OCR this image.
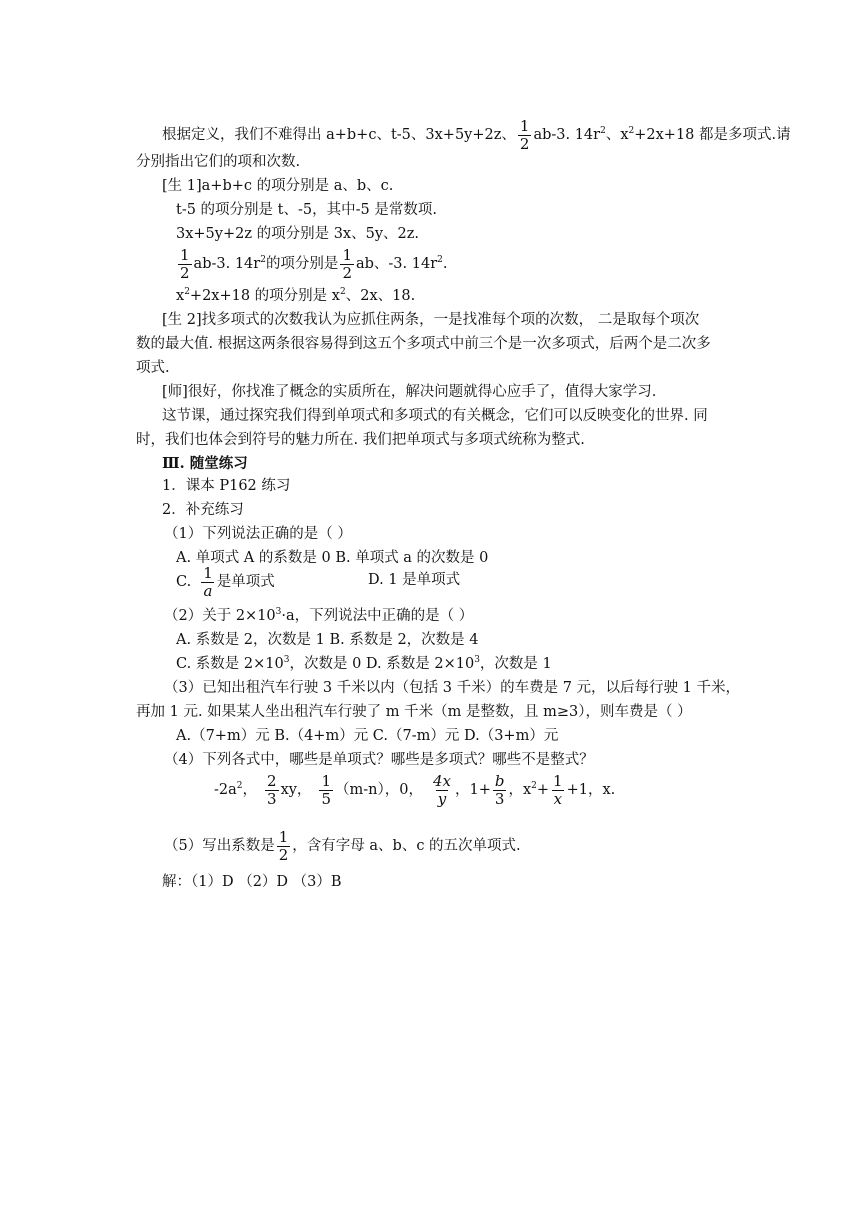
根据定义，我们不难得出 a+b+c、t-5、3x+5y+2z、 $\frac{1}{2} ab-3$. $14r^2$、$x^2+2x+18$ 都是多项式.请
分别指出它们的项和次数.
[生 1]a+b+c 的项分别是 a、b、c.
t-5 的项分别是 t、-5，其中-5 是常数项.
3x+5y+2z 的项分别是 3x、5y、2z.
$\frac{1}{2} ab-3$. $14r^2$的项分别是 $\frac{1}{2}$ ab、-3. $14r^2$.
$x^2+2x+18$ 的项分别是 $x^2$、2x、18.
[生 2]找多项式的次数我认为应抓住两条，一是找准每个项的次数， 二是取每个项次
数的最大值. 根据这两条很容易得到这五个多项式中前三个是一次多项式，后两个是二次多
项式.
[师]很好，你找准了概念的实质所在，解决问题就得心应手了，值得大家学习.
这节课，通过探究我们得到单项式和多项式的有关概念，它们可以反映变化的世界. 同
时，我们也体会到符号的魅力所在. 我们把单项式与多项式统称为整式.
Ⅲ. 随堂练习
1．课本 P162 练习
2．补充练习
（1）下列说法正确的是（ ）
A. 单项式 A 的系数是 0 B. 单项式 a 的次数是 0
C. $\frac{1}{a}$ 是单项式	D. 1 是单项式
（2）关于 $2\times 10^3\cdot a$，下列说法中正确的是（ ）
A. 系数是 2，次数是 1 B. 系数是 2，次数是 4
C. 系数是 $2\times 10^3$，次数是 0 D. 系数是 $2\times 10^3$，次数是 1
（3）已知出租汽车行驶 3 千米以内（包括 3 千米）的车费是 7 元，以后每行驶 1 千米，
再加 1 元. 如果某人坐出租汽车行驶了 m 千米（m 是整数，且 m≥3），则车费是（ ）
A.（7+m）元 B.（4+m）元 C.（7-m）元 D.（3+m）元
（4）下列各式中，哪些是单项式？哪些是多项式？哪些不是整式？
$-2a^2$， $\frac{2}{3}$ xy， $\frac{1}{5} (m-n)$，0， $\frac{4x}{y}$ ，$1+ \frac{b}{3}$ ，$x^2+ \frac{1}{x} +1$，x.
（5）写出系数是 $\frac{1}{2}$ ，含有字母 a、b、c 的五次单项式.
解：（1）D （2）D （3）B
